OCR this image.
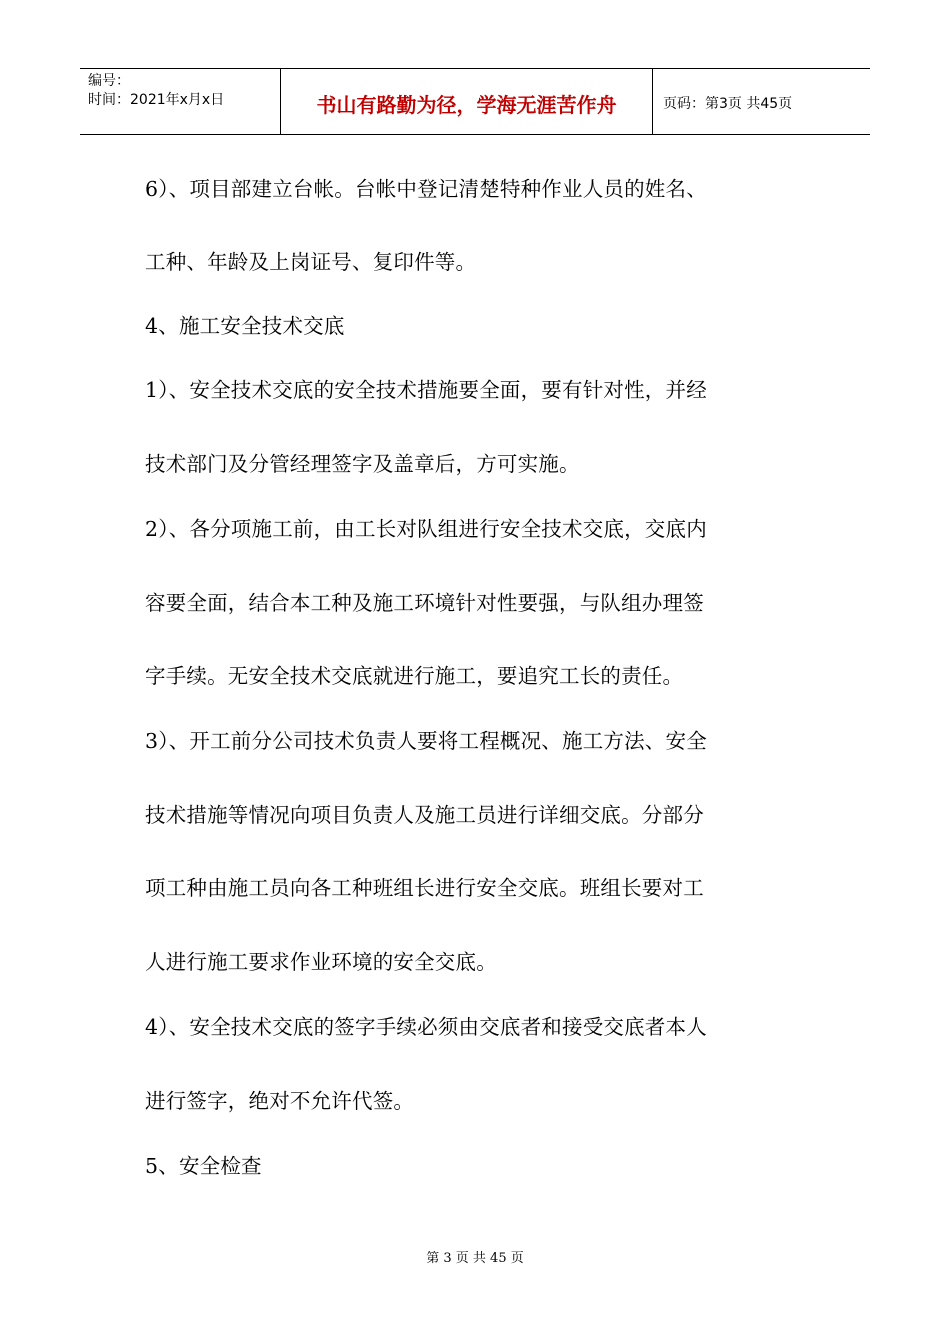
编号：
时间：2021年x月x日	书山有路勤为径，学海无涯苦作舟	页码：第3页 共45页
6）、项目部建立台帐。台帐中登记清楚特种作业人员的姓名、
工种、年龄及上岗证号、复印件等。
4、施工安全技术交底
1）、安全技术交底的安全技术措施要全面，要有针对性，并经
技术部门及分管经理签字及盖章后，方可实施。
2）、各分项施工前，由工长对队组进行安全技术交底，交底内
容要全面，结合本工种及施工环境针对性要强，与队组办理签
字手续。无安全技术交底就进行施工，要追究工长的责任。
3）、开工前分公司技术负责人要将工程概况、施工方法、安全
技术措施等情况向项目负责人及施工员进行详细交底。分部分
项工种由施工员向各工种班组长进行安全交底。班组长要对工
人进行施工要求作业环境的安全交底。
4）、安全技术交底的签字手续必须由交底者和接受交底者本人
进行签字，绝对不允许代签。
5、安全检查
第 3 页 共 45 页
